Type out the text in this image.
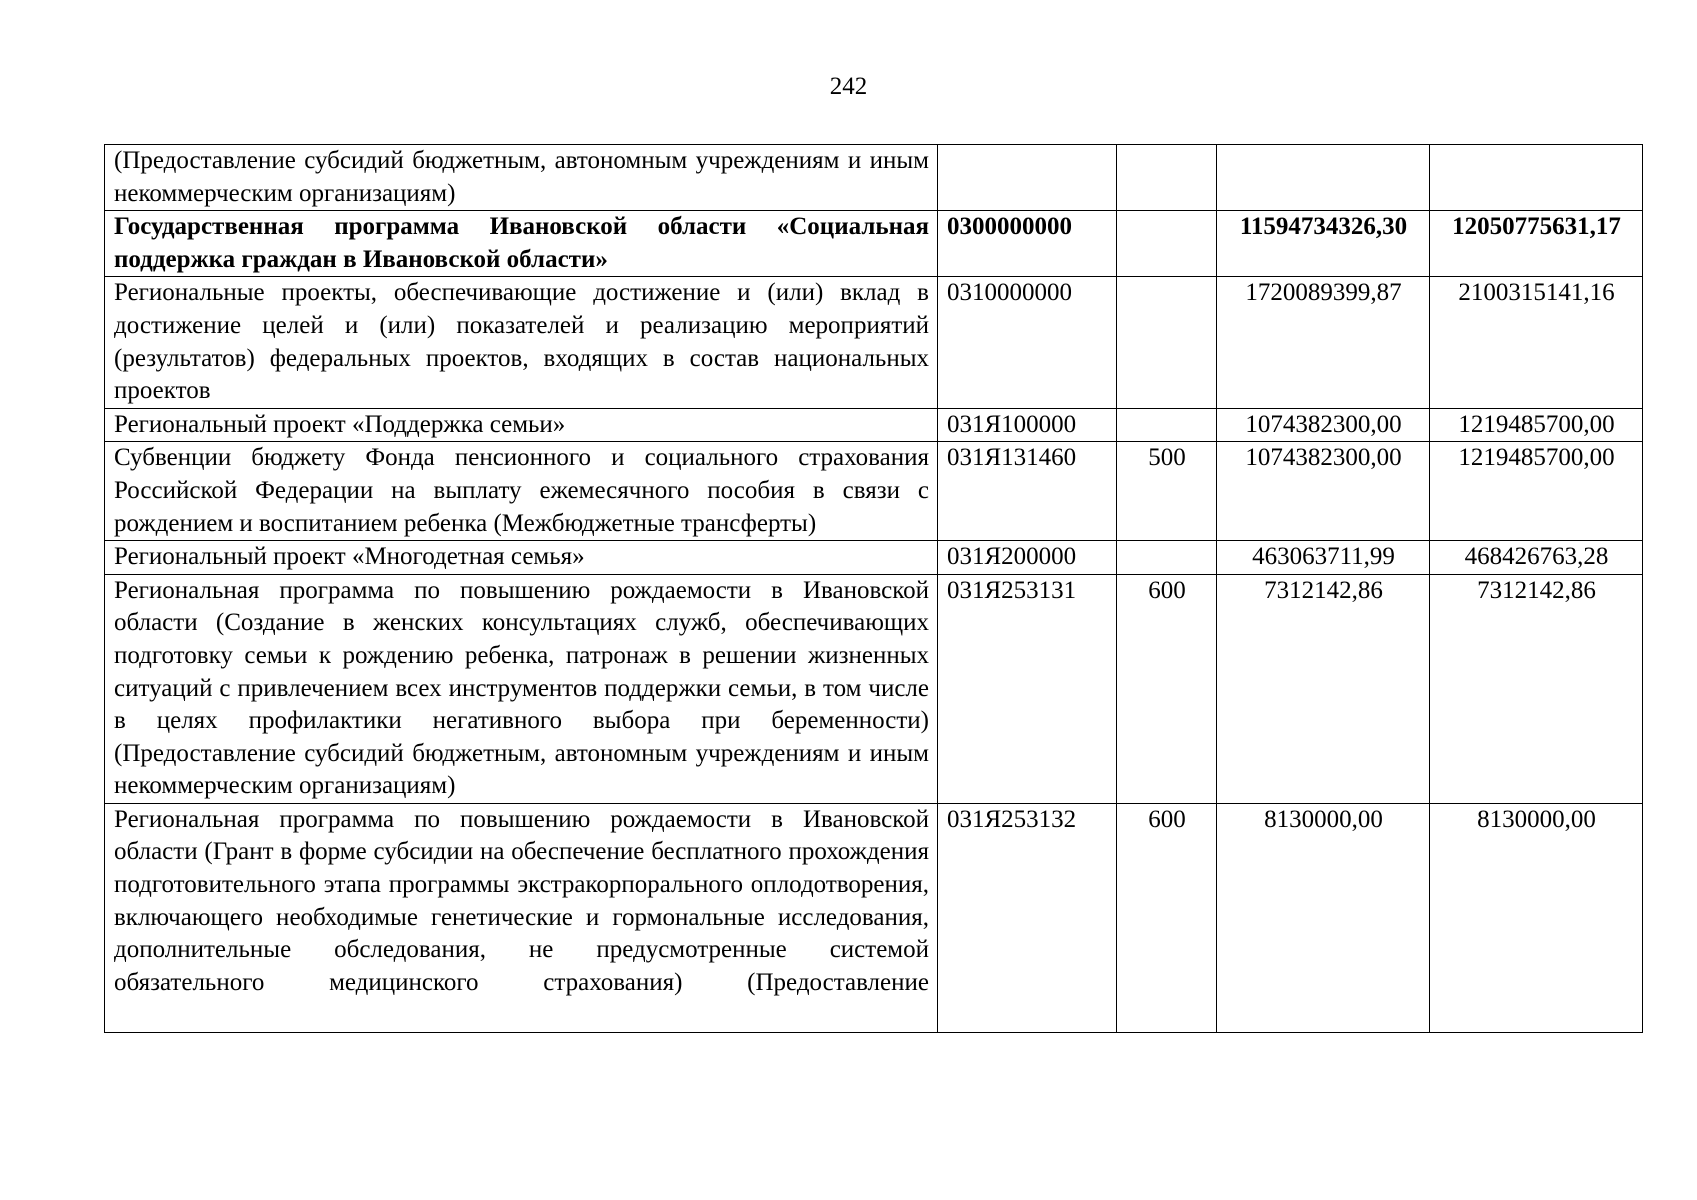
242
(Предоставление субсидий бюджетным, автономным учреждениям и иным некоммерческим организациям)				
Государственная программа Ивановской области «Социальная поддержка граждан в Ивановской области»	0300000000		11594734326,30	12050775631,17
Региональные проекты, обеспечивающие достижение и (или) вклад в достижение целей и (или) показателей и реализацию мероприятий (результатов) федеральных проектов, входящих в состав национальных проектов	0310000000		1720089399,87	2100315141,16
Региональный проект «Поддержка семьи»	031Я100000		1074382300,00	1219485700,00
Субвенции бюджету Фонда пенсионного и социального страхования Российской Федерации на выплату ежемесячного пособия в связи с рождением и воспитанием ребенка (Межбюджетные трансферты)	031Я131460	500	1074382300,00	1219485700,00
Региональный проект «Многодетная семья»	031Я200000		463063711,99	468426763,28
Региональная программа по повышению рождаемости в Ивановской области (Создание в женских консультациях служб, обеспечивающих подготовку семьи к рождению ребенка, патронаж в решении жизненных ситуаций с привлечением всех инструментов поддержки семьи, в том числе в целях профилактики негативного выбора при беременности) (Предоставление субсидий бюджетным, автономным учреждениям и иным некоммерческим организациям)	031Я253131	600	7312142,86	7312142,86
Региональная программа по повышению рождаемости в Ивановской области (Грант в форме субсидии на обеспечение бесплатного прохождения подготовительного этапа программы экстракорпорального оплодотворения, включающего необходимые генетические и гормональные исследования, дополнительные обследования, не предусмотренные системой обязательного медицинского страхования) (Предоставление	031Я253132	600	8130000,00	8130000,00
